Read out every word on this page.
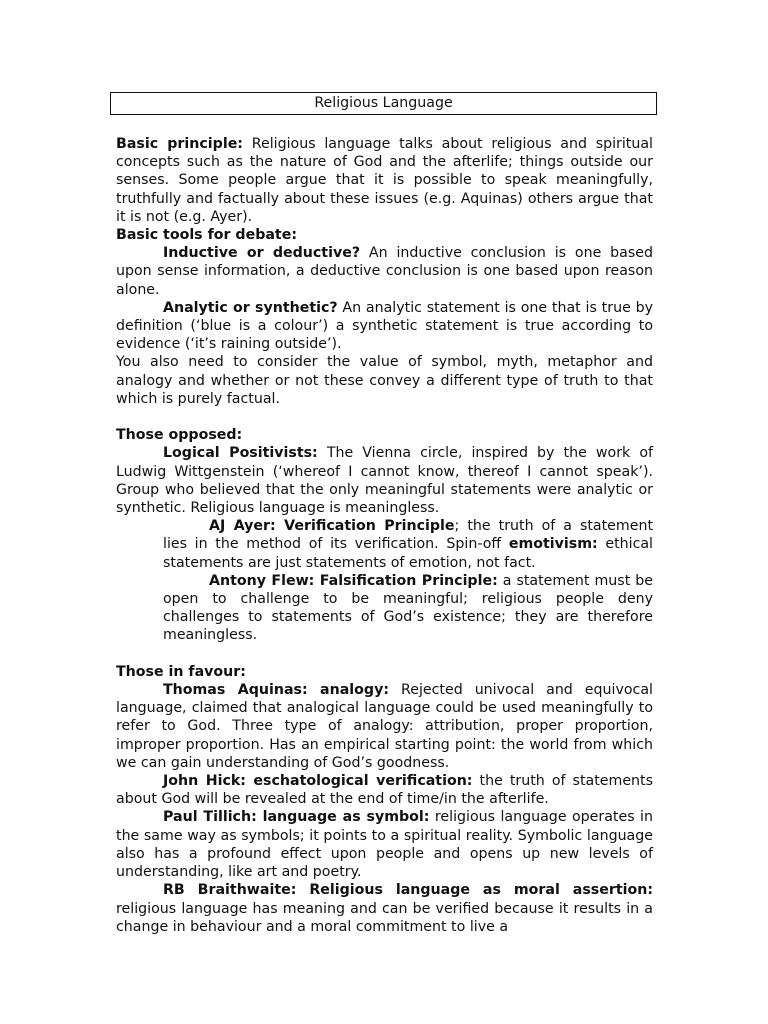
Religious Language

Basic principle: Religious language talks about religious and spiritual concepts such as the nature of God and the afterlife; things outside our senses. Some people argue that it is possible to speak meaningfully, truthfully and factually about these issues (e.g. Aquinas) others argue that it is not (e.g. Ayer).

Basic tools for debate:

Inductive or deductive? An inductive conclusion is one based upon sense information, a deductive conclusion is one based upon reason alone.

Analytic or synthetic? An analytic statement is one that is true by definition (‘blue is a colour’) a synthetic statement is true according to evidence (‘it’s raining outside’).

You also need to consider the value of symbol, myth, metaphor and analogy and whether or not these convey a different type of truth to that which is purely factual.

Those opposed:

Logical Positivists: The Vienna circle, inspired by the work of Ludwig Wittgenstein (‘whereof I cannot know, thereof I cannot speak’). Group who believed that the only meaningful statements were analytic or synthetic. Religious language is meaningless.

AJ Ayer: Verification Principle; the truth of a statement lies in the method of its verification. Spin-off emotivism: ethical statements are just statements of emotion, not fact.

Antony Flew: Falsification Principle: a statement must be open to challenge to be meaningful; religious people deny challenges to statements of God’s existence; they are therefore meaningless.

Those in favour:

Thomas Aquinas: analogy: Rejected univocal and equivocal language, claimed that analogical language could be used meaningfully to refer to God. Three type of analogy: attribution, proper proportion, improper proportion. Has an empirical starting point: the world from which we can gain understanding of God’s goodness.

John Hick: eschatological verification: the truth of statements about God will be revealed at the end of time/in the afterlife.

Paul Tillich: language as symbol: religious language operates in the same way as symbols; it points to a spiritual reality. Symbolic language also has a profound effect upon people and opens up new levels of understanding, like art and poetry.

RB Braithwaite: Religious language as moral assertion: religious language has meaning and can be verified because it results in a change in behaviour and a moral commitment to live a
